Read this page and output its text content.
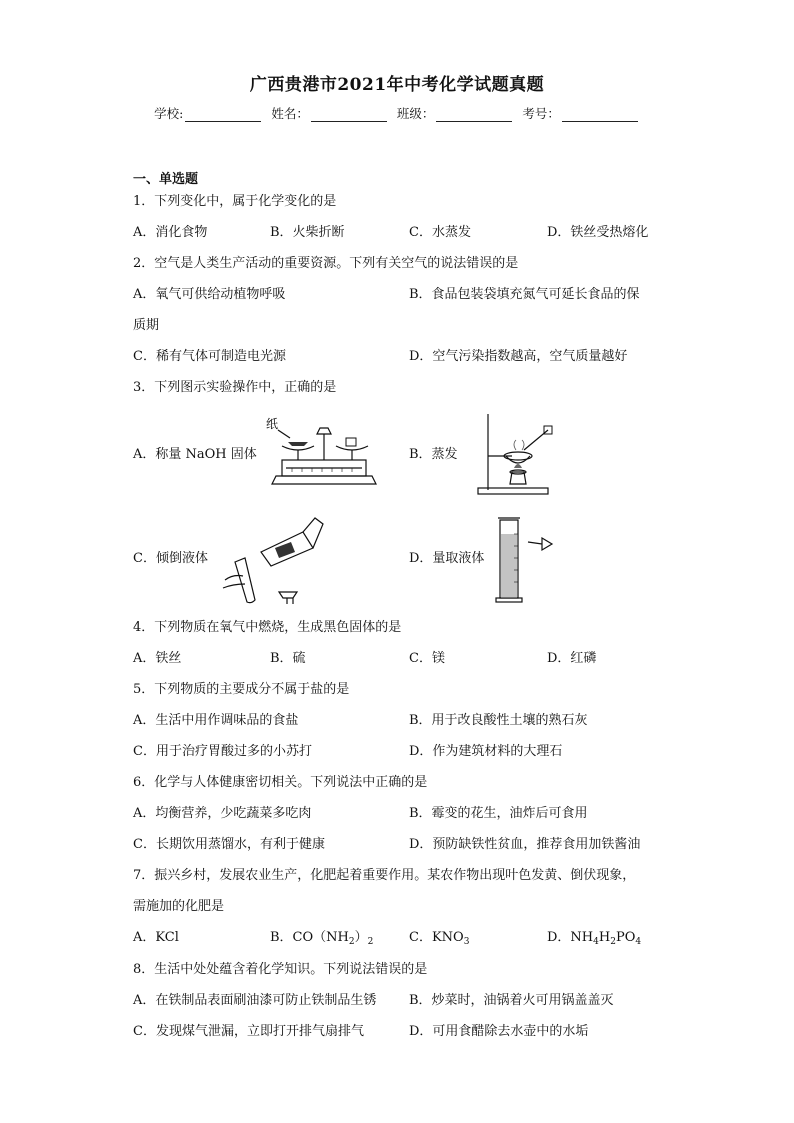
广西贵港市2021年中考化学试题真题
学校:	姓名：	班级：	考号：
一、单选题
1．下列变化中，属于化学变化的是
A．消化食物	B．火柴折断	C．水蒸发	D．铁丝受热熔化
2．空气是人类生产活动的重要资源。下列有关空气的说法错误的是
A．氧气可供给动植物呼吸	B．食品包装袋填充氮气可延长食品的保
质期
C．稀有气体可制造电光源	D．空气污染指数越高，空气质量越好
3．下列图示实验操作中，正确的是
A．称量 NaOH 固体	B．蒸发
C．倾倒液体	D．量取液体
纸
4．下列物质在氧气中燃烧，生成黑色固体的是
A．铁丝	B．硫	C．镁	D．红磷
5．下列物质的主要成分不属于盐的是
A．生活中用作调味品的食盐	B．用于改良酸性土壤的熟石灰
C．用于治疗胃酸过多的小苏打	D．作为建筑材料的大理石
6．化学与人体健康密切相关。下列说法中正确的是
A．均衡营养，少吃蔬菜多吃肉	B．霉变的花生，油炸后可食用
C．长期饮用蒸馏水，有利于健康	D．预防缺铁性贫血，推荐食用加铁酱油
7．振兴乡村，发展农业生产，化肥起着重要作用。某农作物出现叶色发黄、倒伏现象，
需施加的化肥是
A．KCl	B．$CO(NH_2)_2$	C．$KNO_3$	D．$NH_4H_2PO_4$
8．生活中处处蕴含着化学知识。下列说法错误的是
A．在铁制品表面刷油漆可防止铁制品生锈	B．炒菜时，油锅着火可用锅盖盖灭
C．发现煤气泄漏，立即打开排气扇排气	D．可用食醋除去水壶中的水垢
